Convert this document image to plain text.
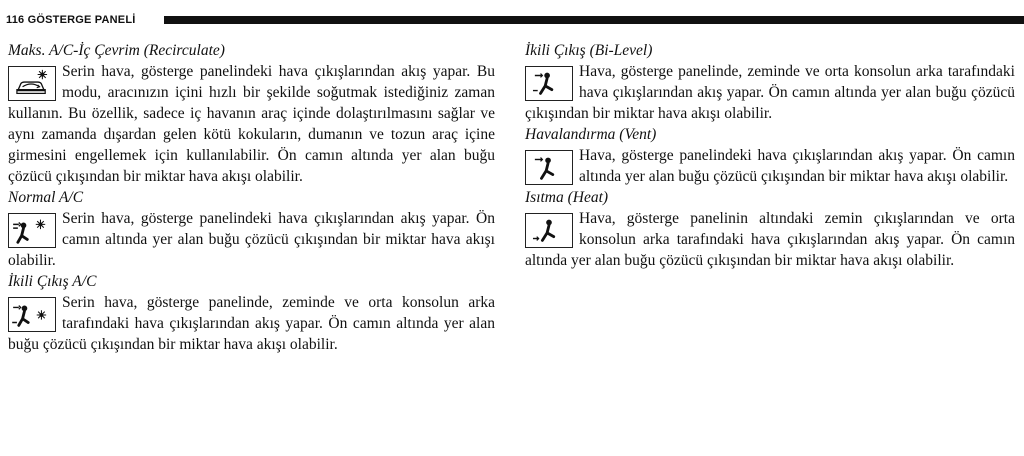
116 GÖSTERGE PANELİ

Maks. A/C-İç Çevrim (Recirculate)

Serin hava, gösterge panelindeki hava çıkışlarından akış yapar. Bu modu, aracınızın içini hızlı bir şekilde soğutmak istediğiniz zaman kullanın. Bu özellik, sadece iç havanın araç içinde dolaştırılmasını sağlar ve aynı zamanda dışardan gelen kötü kokuların, dumanın ve tozun araç içine girmesini engellemek için kullanılabilir. Ön camın altında yer alan buğu çözücü çıkışından bir miktar hava akışı olabilir.

Normal A/C

Serin hava, gösterge panelindeki hava çıkışlarından akış yapar. Ön camın altında yer alan buğu çözücü çıkışından bir miktar hava akışı olabilir.

İkili Çıkış A/C

Serin hava, gösterge panelinde, zeminde ve orta konsolun arka tarafındaki hava çıkışlarından akış yapar. Ön camın altında yer alan buğu çözücü çıkışından bir miktar hava akışı olabilir.

İkili Çıkış (Bi-Level)

Hava, gösterge panelinde, zeminde ve orta konsolun arka tarafındaki hava çıkışlarından akış yapar. Ön camın altında yer alan buğu çözücü çıkışından bir miktar hava akışı olabilir.

Havalandırma (Vent)

Hava, gösterge panelindeki hava çıkışlarından akış yapar. Ön camın altında yer alan buğu çözücü çıkışından bir miktar hava akışı olabilir.

Isıtma (Heat)

Hava, gösterge panelinin altındaki zemin çıkışlarından ve orta konsolun arka tarafındaki hava çıkışlarından akış yapar. Ön camın altında yer alan buğu çözücü çıkışından bir miktar hava akışı olabilir.
